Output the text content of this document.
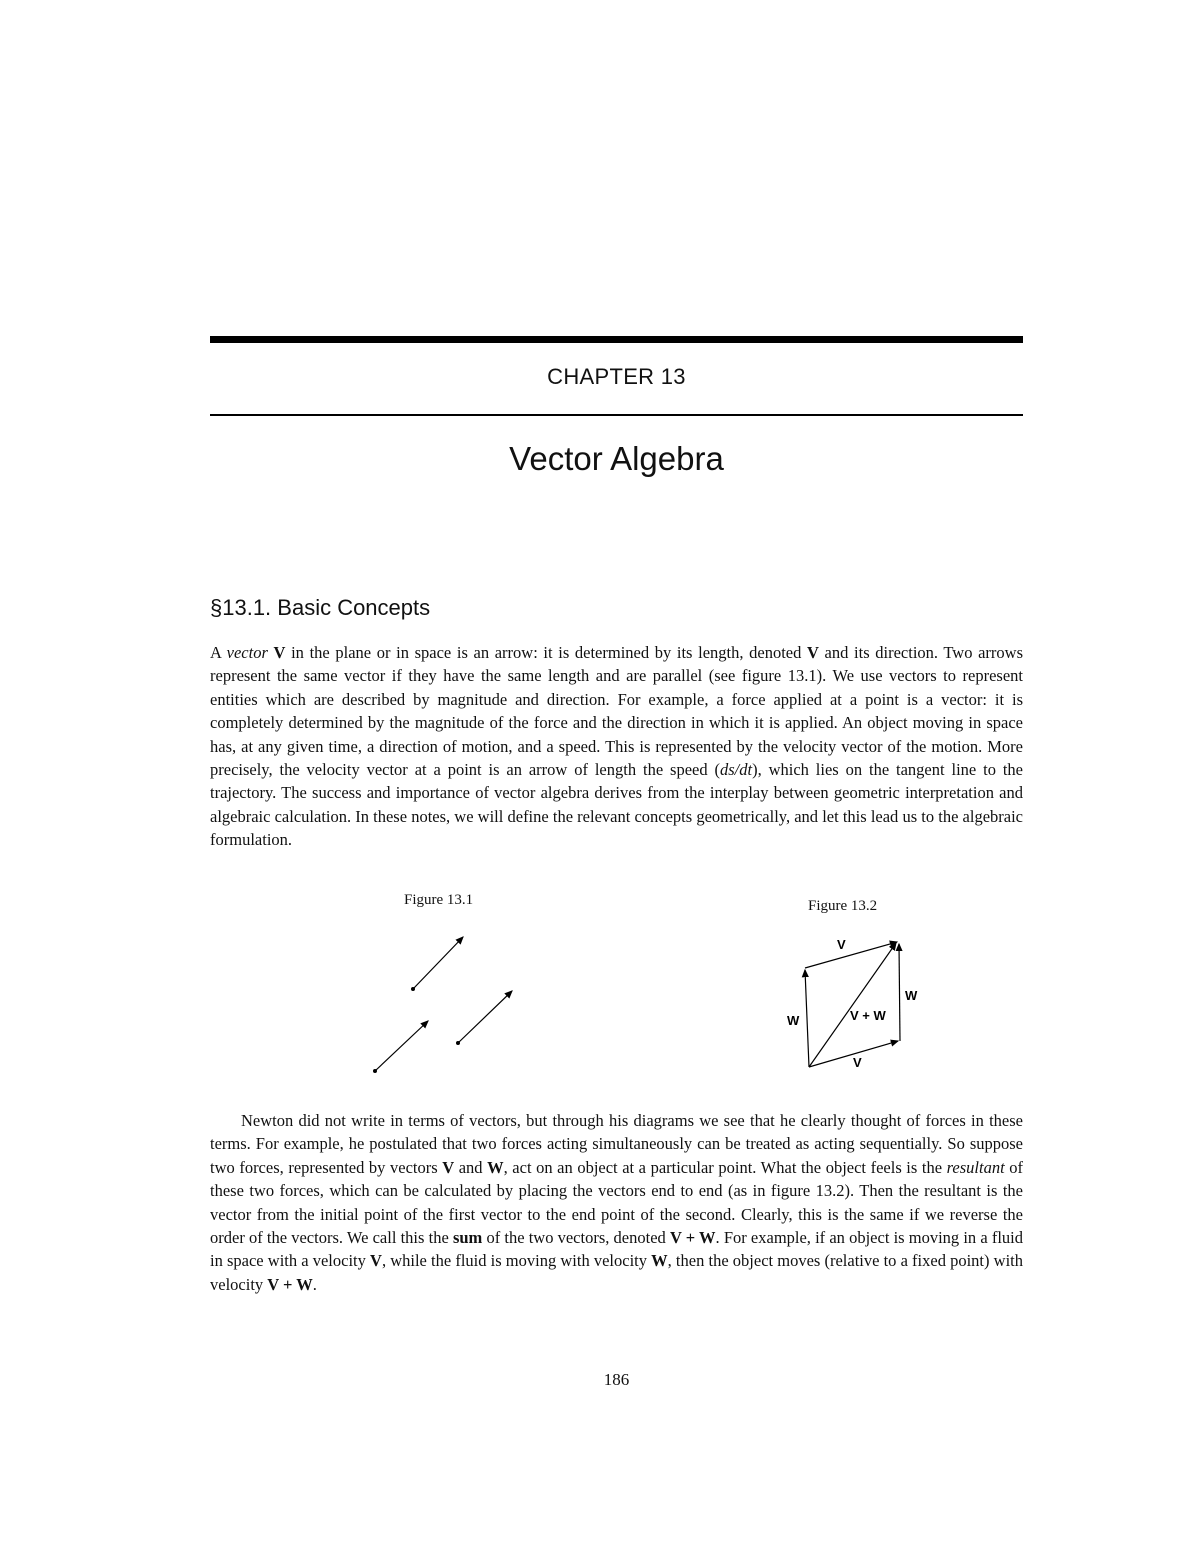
CHAPTER 13
Vector Algebra
§13.1. Basic Concepts

A vector V in the plane or in space is an arrow: it is determined by its length, denoted V and its direction. Two arrows represent the same vector if they have the same length and are parallel (see figure 13.1). We use vectors to represent entities which are described by magnitude and direction. For example, a force applied at a point is a vector: it is completely determined by the magnitude of the force and the direction in which it is applied. An object moving in space has, at any given time, a direction of motion, and a speed. This is represented by the velocity vector of the motion. More precisely, the velocity vector at a point is an arrow of length the speed (ds/dt), which lies on the tangent line to the trajectory. The success and importance of vector algebra derives from the interplay between geometric interpretation and algebraic calculation. In these notes, we will define the relevant concepts geometrically, and let this lead us to the algebraic formulation.

Figure 13.1	Figure 13.2
V
V
W
W
V + W

Newton did not write in terms of vectors, but through his diagrams we see that he clearly thought of forces in these terms. For example, he postulated that two forces acting simultaneously can be treated as acting sequentially. So suppose two forces, represented by vectors V and W, act on an object at a particular point. What the object feels is the resultant of these two forces, which can be calculated by placing the vectors end to end (as in figure 13.2). Then the resultant is the vector from the initial point of the first vector to the end point of the second. Clearly, this is the same if we reverse the order of the vectors. We call this the sum of the two vectors, denoted V + W. For example, if an object is moving in a fluid in space with a velocity V, while the fluid is moving with velocity W, then the object moves (relative to a fixed point) with velocity V + W.

186
